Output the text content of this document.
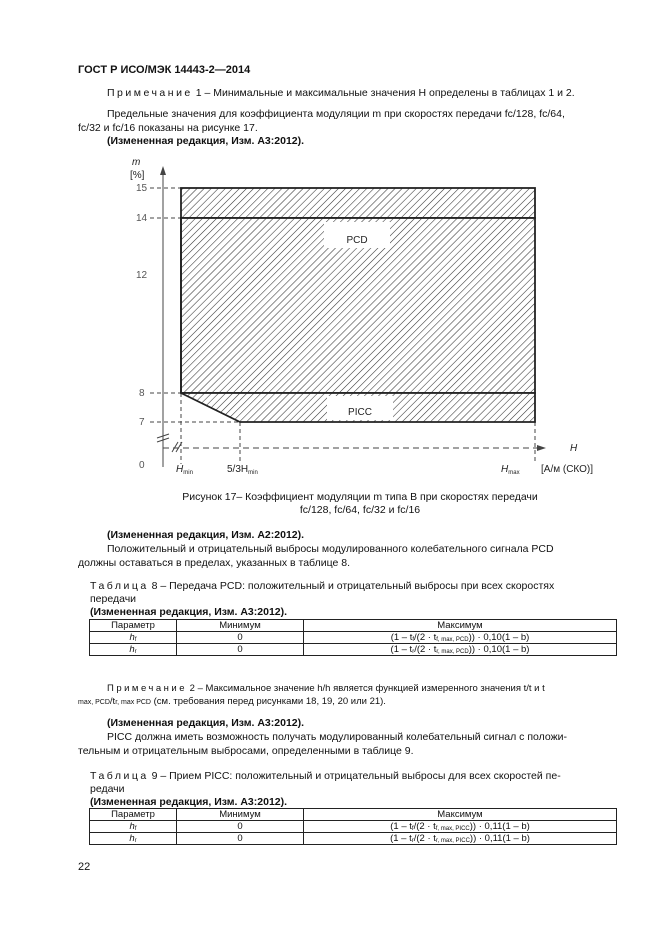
ГОСТ Р ИСО/МЭК 14443-2—2014
Примечание 1 – Минимальные и максимальные значения H определены в таблицах 1 и 2.
Предельные значения для коэффициента модуляции m при скоростях передачи fc/128, fc/64,
fc/32 и fc/16 показаны на рисунке 17.
(Измененная редакция, Изм. А3:2012).
PCD
PICC
m
[%]
15
14
12
8
7
0
H
$H_{min}$	$5/3H_{min}$	$H_{max}$ [А/м (СКО)]
Рисунок 17– Коэффициент модуляции m типа В при скоростях передачи
fc/128, fc/64, fc/32 и fc/16
(Измененная редакция, Изм. А2:2012).
Положительный и отрицательный выбросы модулированного колебательного сигнала PCD
должны оставаться в пределах, указанных в таблице 8.
Таблица 8 – Передача PCD: положительный и отрицательный выбросы при всех скоростях
передачи
(Измененная редакция, Изм. А3:2012).
Параметр	Минимум	Максимум
hf	0	(1 – tf/(2 · tf, max, PCD)) · 0,10(1 – b)
hr	0	(1 – tr/(2 · tr, max, PCD)) · 0,10(1 – b)
Примечание 2 – Максимальное значение h/h является функцией измеренного значения t/t и t
max, PCD/tr, max PCD (см. требования перед рисунками 18, 19, 20 или 21).
(Измененная редакция, Изм. А3:2012).
PICC должна иметь возможность получать модулированный колебательный сигнал с положи-
тельным и отрицательным выбросами, определенными в таблице 9.
Таблица 9 – Прием PICC: положительный и отрицательный выбросы для всех скоростей пе-
редачи
(Измененная редакция, Изм. А3:2012).
Параметр	Минимум	Максимум
hf	0	(1 – tf/(2 · tf, max, PICC)) · 0,11(1 – b)
hr	0	(1 – tr/(2 · tr, max, PICC)) · 0,11(1 – b)
22
